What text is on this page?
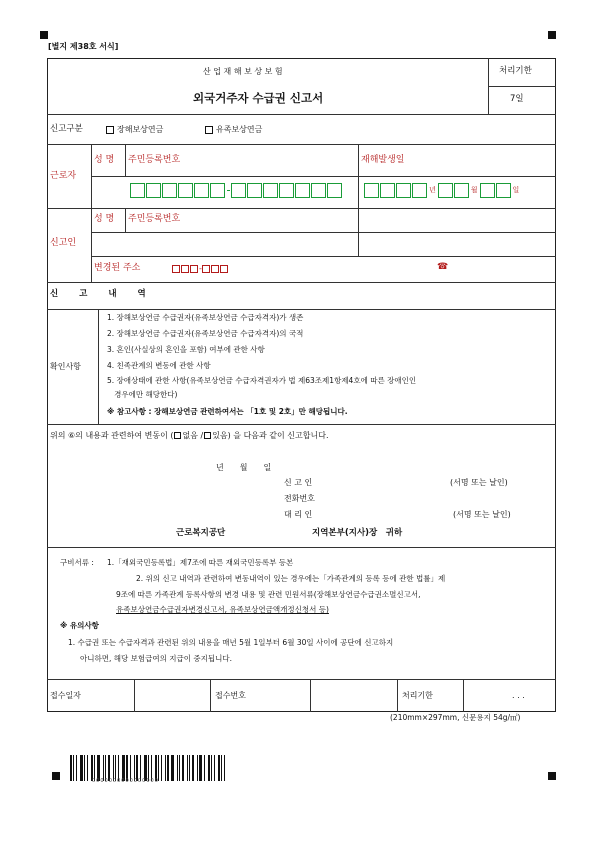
[별지 제38호 서식]
산 업 재 해 보 상 보 험
외국거주자 수급권 신고서
처리기한
7일
신고구분	장해보상연금	유족보상연금
근로자
성 명 주민등록번호	재해발생일
년	월	일
신고인
성 명 주민등록번호
변경된 주소	-	☎
신 고 내 역
확인사항
1. 장해보상연금 수급권자(유족보상연금 수급자격자)가 생존
2. 장해보상연금 수급권자(유족보상연금 수급자격자)의 국적
3. 혼인(사실상의 혼인을 포함) 여부에 관한 사항
4. 친족관계의 변동에 관한 사항
5. 장애상태에 관한 사항(유족보상연금 수급자격권자가 법 제63조제1항제4호에 따른 장애인인
경우에만 해당한다)
※ 참고사항 : 장해보상연금 관련하여서는 「1호 및 2호」만 해당됩니다.
위의 ⑥의 내용과 관련하여 변동이 ( 없음 / 있음) 을 다음과 같이 신고합니다.
년　　월　　일
신 고 인	(서명 또는 날인)
전화번호
대 리 인	(서명 또는 날인)
근로복지공단	지역본부(지사)장　귀하
구비서류 : 1.「재외국민등록법」제7조에 따른 재외국민등록부 등본
2. 위의 신고 내역과 관련하여 변동내역이 있는 경우에는「가족관계의 등록 등에 관한 법률」제
9조에 따른 가족관계 등록사항의 변경 내용 및 관련 민원서류(장해보상연금수급권소멸신고서,
유족보상연금수급권자변경신고서, 유족보상연금액개정신청서 등)
※ 유의사항
1. 수급권 또는 수급자격과 관련된 위의 내용을 매년 5월 1일부터 6월 30일 사이에 공단에 신고하지
아니하면, 해당 보험급여의 지급이 중지됩니다.
접수일자	접수번호	처리기한	. . .
(210mm×297mm, 신문용지 54g/㎡)
0000000000000000
